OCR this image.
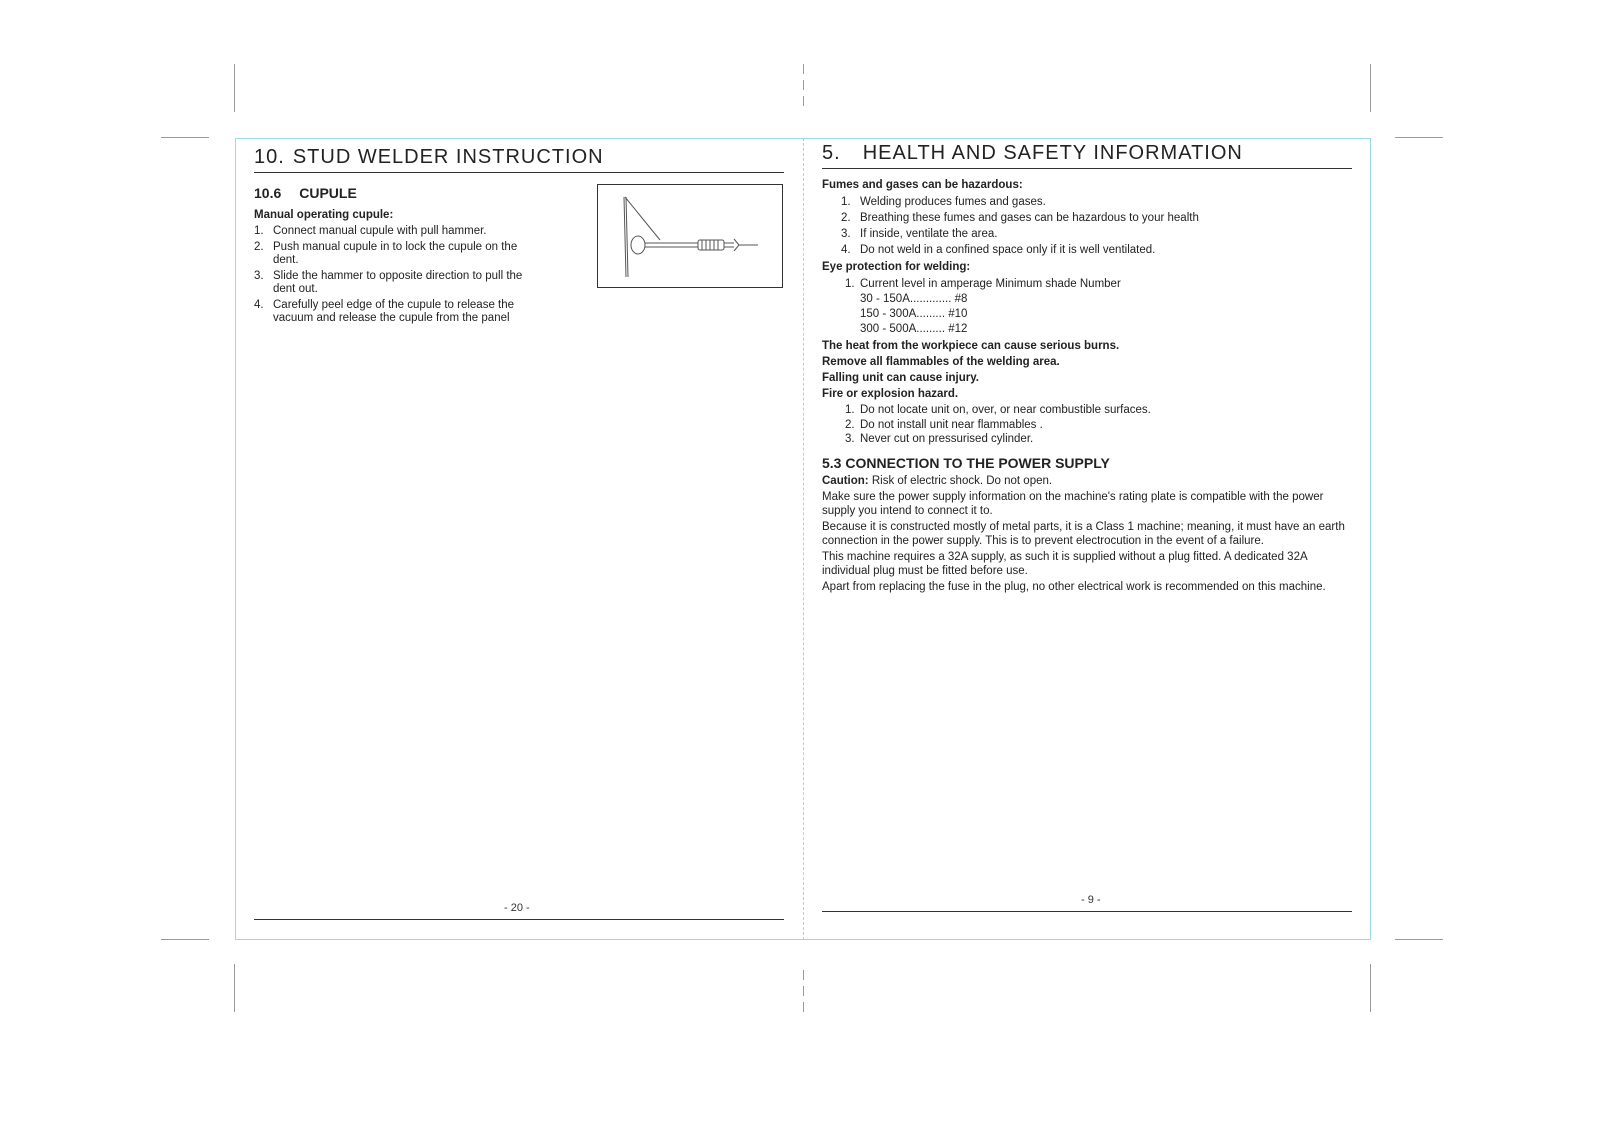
10. STUD WELDER INSTRUCTION
10.6 CUPULE
Manual operating cupule:
1. Connect manual cupule with pull hammer.
2. Push manual cupule in to lock the cupule on the dent.
3. Slide the hammer to opposite direction to pull the dent out.
4. Carefully peel edge of the cupule to release the vacuum and release the cupule from the panel
- 20 -
5. HEALTH AND SAFETY INFORMATION
Fumes and gases can be hazardous:
1. Welding produces fumes and gases.
2. Breathing these fumes and gases can be hazardous to your health
3. If inside, ventilate the area.
4. Do not weld in a confined space only if it is well ventilated.
Eye protection for welding:
1. Current level in amperage Minimum shade Number
30 - 150A............. #8
150 - 300A......... #10
300 - 500A......... #12
The heat from the workpiece can cause serious burns.
Remove all flammables of the welding area.
Falling unit can cause injury.
Fire or explosion hazard.
1. Do not locate unit on, over, or near combustible surfaces.
2. Do not install unit near flammables .
3. Never cut on pressurised cylinder.
5.3 CONNECTION TO THE POWER SUPPLY
Caution: Risk of electric shock. Do not open.
Make sure the power supply information on the machine's rating plate is compatible with the power supply you intend to connect it to.
Because it is constructed mostly of metal parts, it is a Class 1 machine; meaning, it must have an earth connection in the power supply. This is to prevent electrocution in the event of a failure.
This machine requires a 32A supply, as such it is supplied without a plug fitted. A dedicated 32A individual plug must be fitted before use.
Apart from replacing the fuse in the plug, no other electrical work is recommended on this machine.
- 9 -
